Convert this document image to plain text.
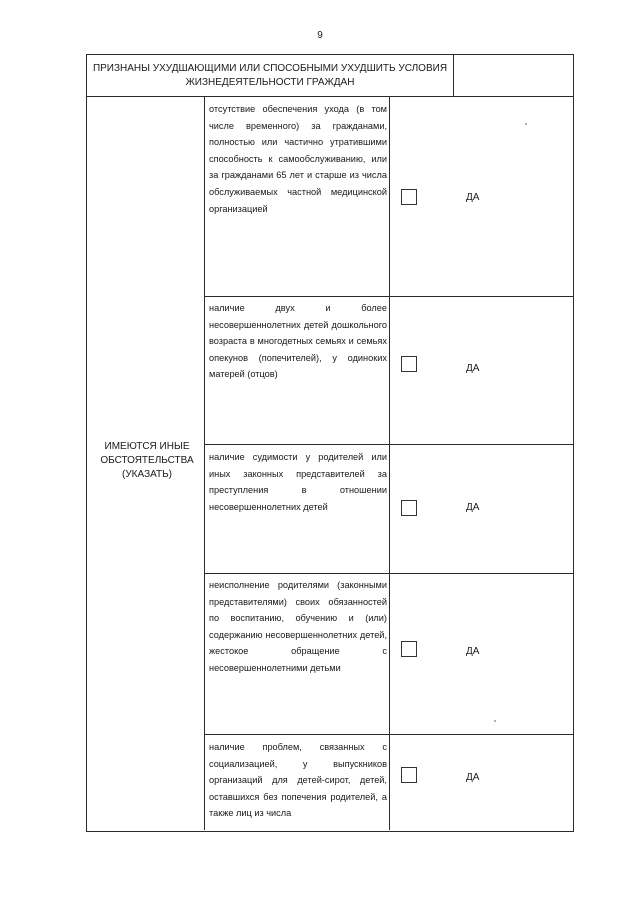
9
ПРИЗНАНЫ УХУДШАЮЩИМИ ИЛИ СПОСОБНЫМИ УХУДШИТЬ УСЛОВИЯ ЖИЗНЕДЕЯТЕЛЬНОСТИ ГРАЖДАН
ИМЕЮТСЯ ИНЫЕ ОБСТОЯТЕЛЬСТВА (УКАЗАТЬ)
отсутствие обеспечения ухода (в том числе временного) за гражданами, полностью или частично утратившими способность к самообслуживанию, или за гражданами 65 лет и старше из числа обслуживаемых частной медицинской организацией
ДА
наличие двух и более несовершеннолетних детей дошкольного возраста в многодетных семьях и семьях опекунов (попечителей), у одиноких матерей (отцов)
ДА
наличие судимости у родителей или иных законных представителей за преступления в отношении несовершеннолетних детей	ДА
неисполнение родителями (законными представителями) своих обязанностей по воспитанию, обучению и (или) содержанию несовершеннолетних детей, жестокое обращение с несовершеннолетними детьми
ДА
наличие проблем, связанных с социализацией, у выпускников организаций для детей-сирот, детей, оставшихся без попечения родителей, а также лиц из числа
ДА
